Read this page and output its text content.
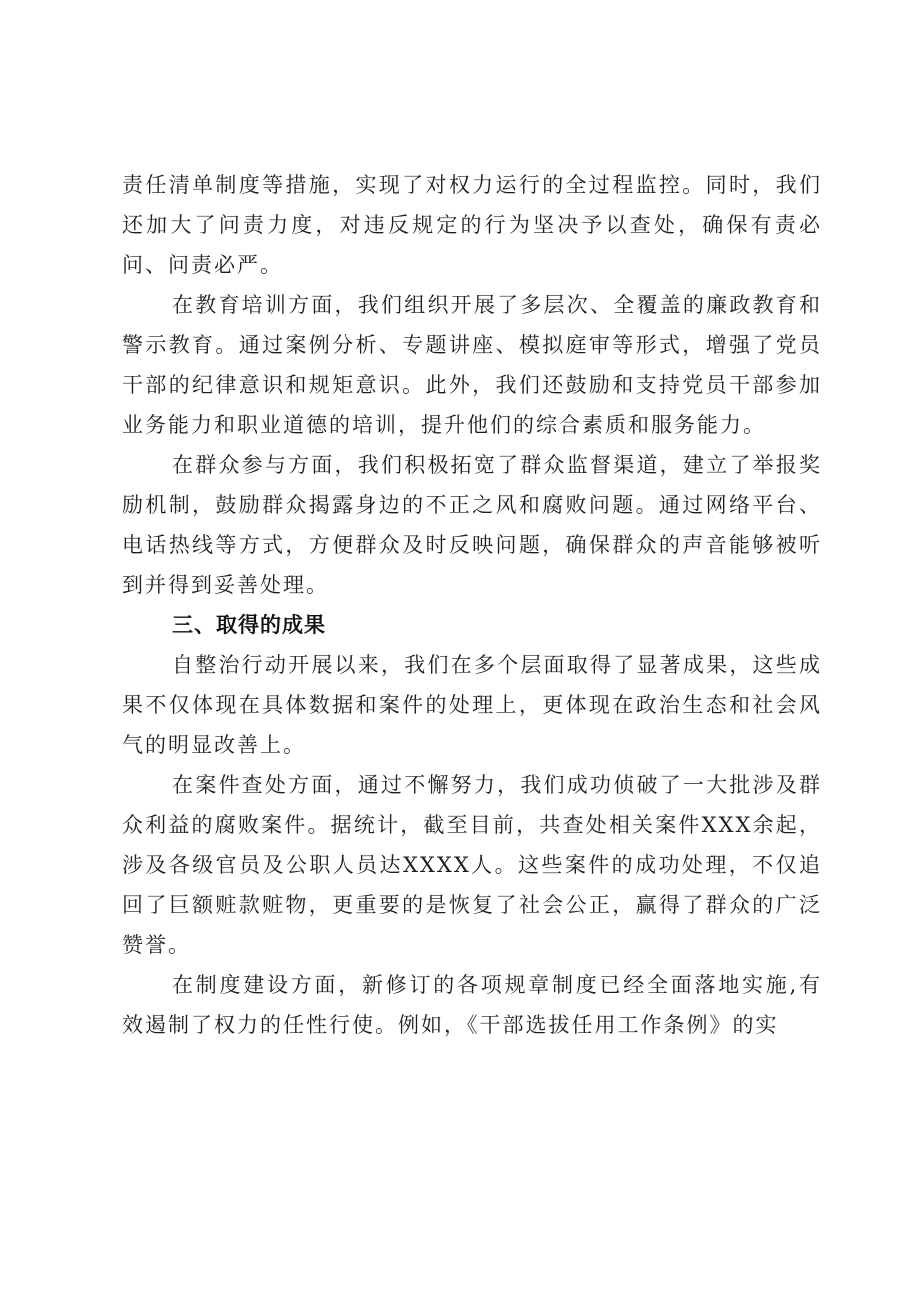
责任清单制度等措施，实现了对权力运行的全过程监控。同时，我们还加大了问责力度，对违反规定的行为坚决予以查处，确保有责必问、问责必严。

在教育培训方面，我们组织开展了多层次、全覆盖的廉政教育和警示教育。通过案例分析、专题讲座、模拟庭审等形式，增强了党员干部的纪律意识和规矩意识。此外，我们还鼓励和支持党员干部参加业务能力和职业道德的培训，提升他们的综合素质和服务能力。

在群众参与方面，我们积极拓宽了群众监督渠道，建立了举报奖励机制，鼓励群众揭露身边的不正之风和腐败问题。通过网络平台、电话热线等方式，方便群众及时反映问题，确保群众的声音能够被听到并得到妥善处理。

三、取得的成果

自整治行动开展以来，我们在多个层面取得了显著成果，这些成果不仅体现在具体数据和案件的处理上，更体现在政治生态和社会风气的明显改善上。

在案件查处方面，通过不懈努力，我们成功侦破了一大批涉及群众利益的腐败案件。据统计，截至目前，共查处相关案件XXX余起，涉及各级官员及公职人员达XXXX人。这些案件的成功处理，不仅追回了巨额赃款赃物，更重要的是恢复了社会公正，赢得了群众的广泛赞誉。

在制度建设方面，新修订的各项规章制度已经全面落地实施,有效遏制了权力的任性行使。例如，《干部选拔任用工作条例》的实
